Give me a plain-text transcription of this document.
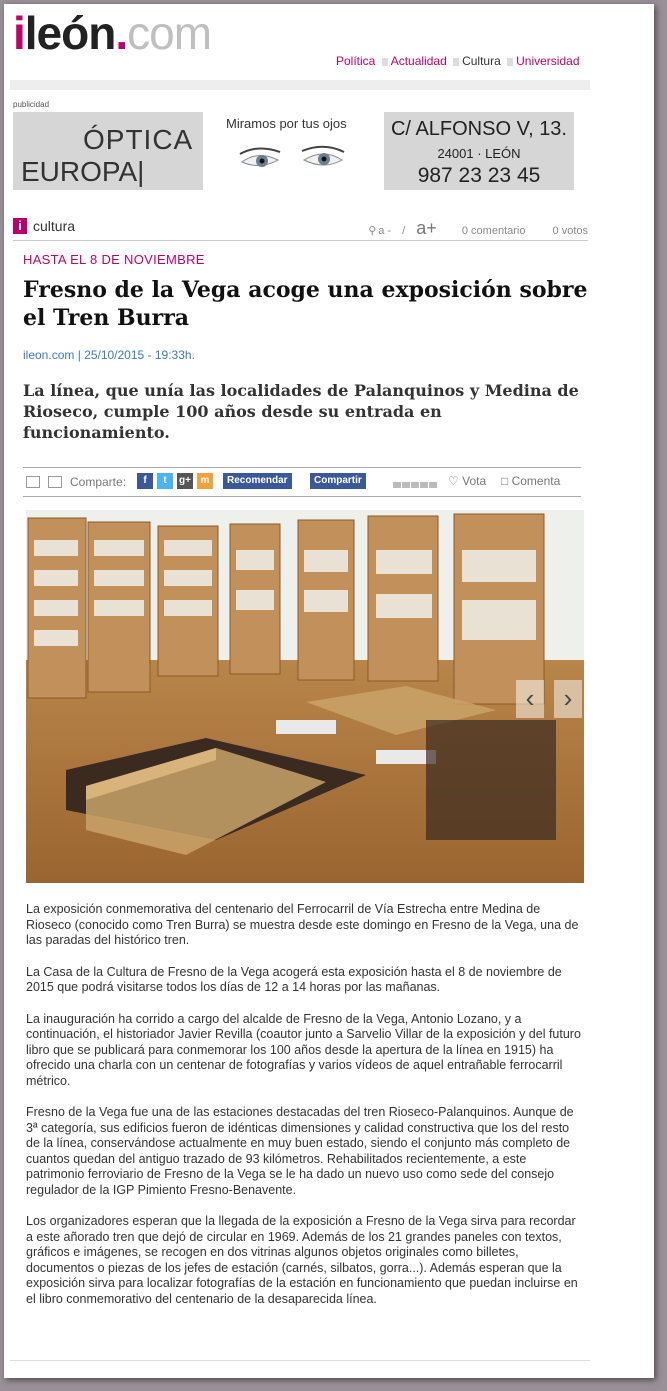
ileón.com
Política Actualidad Cultura Universidad
publicidad
ÓPTICA
EUROPA|
Miramos por tus ojos	C/ ALFONSO V, 13.
24001 · LEÓN
987 23 23 45
i cultura	⚲ a - / a+ 0 comentario 0 votos
HASTA EL 8 DE NOVIEMBRE
Fresno de la Vega acoge una exposición sobre el Tren Burra
ileon.com | 25/10/2015 - 19:33h.
La línea, que unía las localidades de Palanquinos y Medina de Rioseco, cumple 100 años desde su entrada en funcionamiento.
Comparte:	f	t	g+ m	Recomendar	Compartir	♡ Vota □ Comenta
‹	›

La exposición conmemorativa del centenario del Ferrocarril de Vía Estrecha entre Medina de Rioseco (conocido como Tren Burra) se muestra desde este domingo en Fresno de la Vega, una de las paradas del histórico tren.

La Casa de la Cultura de Fresno de la Vega acogerá esta exposición hasta el 8 de noviembre de 2015 que podrá visitarse todos los días de 12 a 14 horas por las mañanas.

La inauguración ha corrido a cargo del alcalde de Fresno de la Vega, Antonio Lozano, y a continuación, el historiador Javier Revilla (coautor junto a Sarvelio Villar de la exposición y del futuro libro que se publicará para conmemorar los 100 años desde la apertura de la línea en 1915) ha ofrecido una charla con un centenar de fotografías y varios vídeos de aquel entrañable ferrocarril métrico.

Fresno de la Vega fue una de las estaciones destacadas del tren Rioseco-Palanquinos. Aunque de 3ª categoría, sus edificios fueron de idénticas dimensiones y calidad constructiva que los del resto de la línea, conservándose actualmente en muy buen estado, siendo el conjunto más completo de cuantos quedan del antiguo trazado de 93 kilómetros. Rehabilitados recientemente, a este patrimonio ferroviario de Fresno de la Vega se le ha dado un nuevo uso como sede del consejo regulador de la IGP Pimiento Fresno-Benavente.

Los organizadores esperan que la llegada de la exposición a Fresno de la Vega sirva para recordar a este añorado tren que dejó de circular en 1969. Además de los 21 grandes paneles con textos, gráficos e imágenes, se recogen en dos vitrinas algunos objetos originales como billetes, documentos o piezas de los jefes de estación (carnés, silbatos, gorra...). Además esperan que la exposición sirva para localizar fotografías de la estación en funcionamiento que puedan incluirse en el libro conmemorativo del centenario de la desaparecida línea.
